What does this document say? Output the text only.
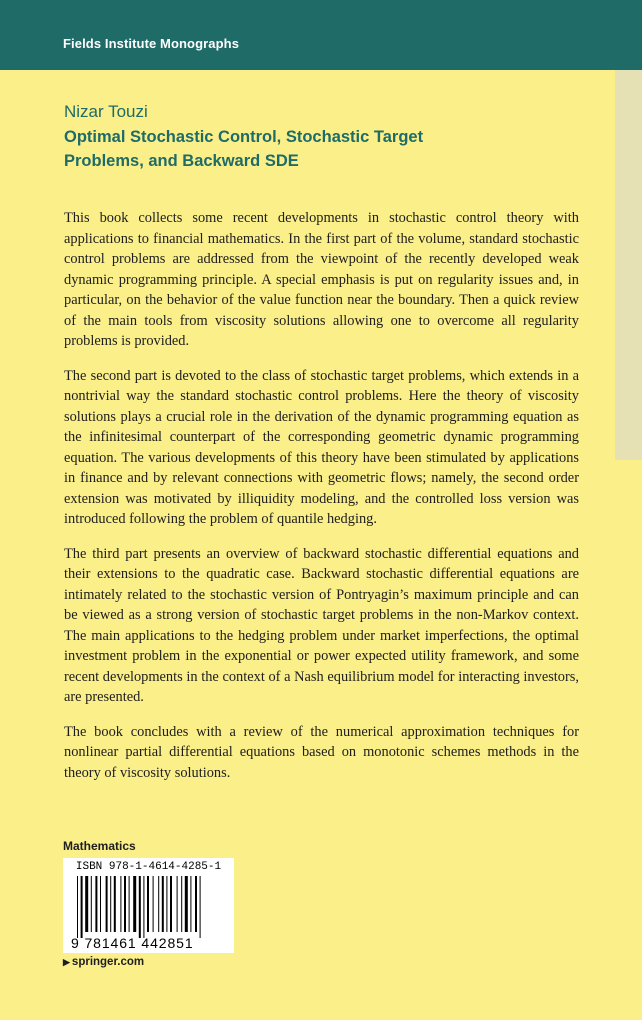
Fields Institute Monographs
Nizar Touzi
Optimal Stochastic Control, Stochastic Target Problems, and Backward SDE

This book collects some recent developments in stochastic control theory with applications to financial mathematics. In the first part of the volume, standard stochastic control problems are addressed from the viewpoint of the recently developed weak dynamic programming principle. A special emphasis is put on regularity issues and, in particular, on the behavior of the value function near the boundary. Then a quick review of the main tools from viscosity solutions allowing one to overcome all regularity problems is provided.

The second part is devoted to the class of stochastic target problems, which extends in a nontrivial way the standard stochastic control problems. Here the theory of viscosity solutions plays a crucial role in the derivation of the dynamic programming equation as the infinitesimal counterpart of the corresponding geometric dynamic programming equation. The various developments of this theory have been stimulated by applications in finance and by relevant connections with geometric flows; namely, the second order extension was motivated by illiquidity modeling, and the controlled loss version was introduced following the problem of quantile hedging.

The third part presents an overview of backward stochastic differential equations and their extensions to the quadratic case. Backward stochastic differential equations are intimately related to the stochastic version of Pontryagin’s maximum principle and can be viewed as a strong version of stochastic target problems in the non-Markov context. The main applications to the hedging problem under market imperfections, the optimal investment problem in the exponential or power expected utility framework, and some recent developments in the context of a Nash equilibrium model for interacting investors, are presented.

The book concludes with a review of the numerical approximation techniques for nonlinear partial differential equations based on monotonic schemes methods in the theory of viscosity solutions.

Mathematics
ISBN 978-1-4614-4285-1
9 781461 442851
▶ springer.com
